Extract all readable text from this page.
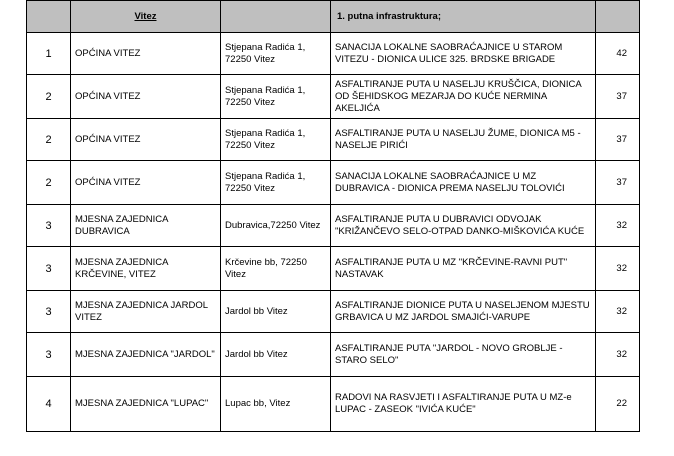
	Vitez		1. putna infrastruktura;	
1	OPĆINA VITEZ	Stjepana Radića 1, 72250 Vitez	SANACIJA LOKALNE SAOBRAĆAJNICE U STAROM VITEZU - DIONICA ULICE 325. BRDSKE BRIGADE	42
2	OPĆINA VITEZ	Stjepana Radića 1, 72250 Vitez	ASFALTIRANJE PUTA U NASELJU KRUŠČICA, DIONICA OD ŠEHIDSKOG MEZARJA DO KUĆE NERMINA AKELJIĆA	37
2	OPĆINA VITEZ	Stjepana Radića 1, 72250 Vitez	ASFALTIRANJE PUTA U NASELJU ŽUME, DIONICA M5 - NASELJE PIRIĆI	37
2	OPĆINA VITEZ	Stjepana Radića 1, 72250 Vitez	SANACIJA LOKALNE SAOBRAĆAJNICE U MZ DUBRAVICA - DIONICA PREMA NASELJU TOLOVIĆI	37
3	MJESNA ZAJEDNICA DUBRAVICA	Dubravica,72250 Vitez	ASFALTIRANJE PUTA U DUBRAVICI ODVOJAK "KRIŽANČEVO SELO-OTPAD DANKO-MIŠKOVIĆA KUĆE	32
3	MJESNA ZAJEDNICA KRČEVINE, VITEZ	Krčevine bb, 72250 Vitez	ASFALTIRANJE PUTA U MZ "KRČEVINE-RAVNI PUT" NASTAVAK	32
3	MJESNA ZAJEDNICA JARDOL VITEZ	Jardol bb Vitez	ASFALTIRANJE DIONICE PUTA U NASELJENOM MJESTU GRBAVICA U MZ JARDOL SMAJIĆI-VARUPE	32
3	MJESNA ZAJEDNICA "JARDOL"	Jardol bb Vitez	ASFALTIRANJE PUTA "JARDOL - NOVO GROBLJE - STARO SELO"	32
4	MJESNA ZAJEDNICA "LUPAC"	Lupac bb, Vitez	RADOVI NA RASVJETI I ASFALTIRANJE PUTA U MZ-e LUPAC - ZASEOK "IVIĆA KUĆE"	22
